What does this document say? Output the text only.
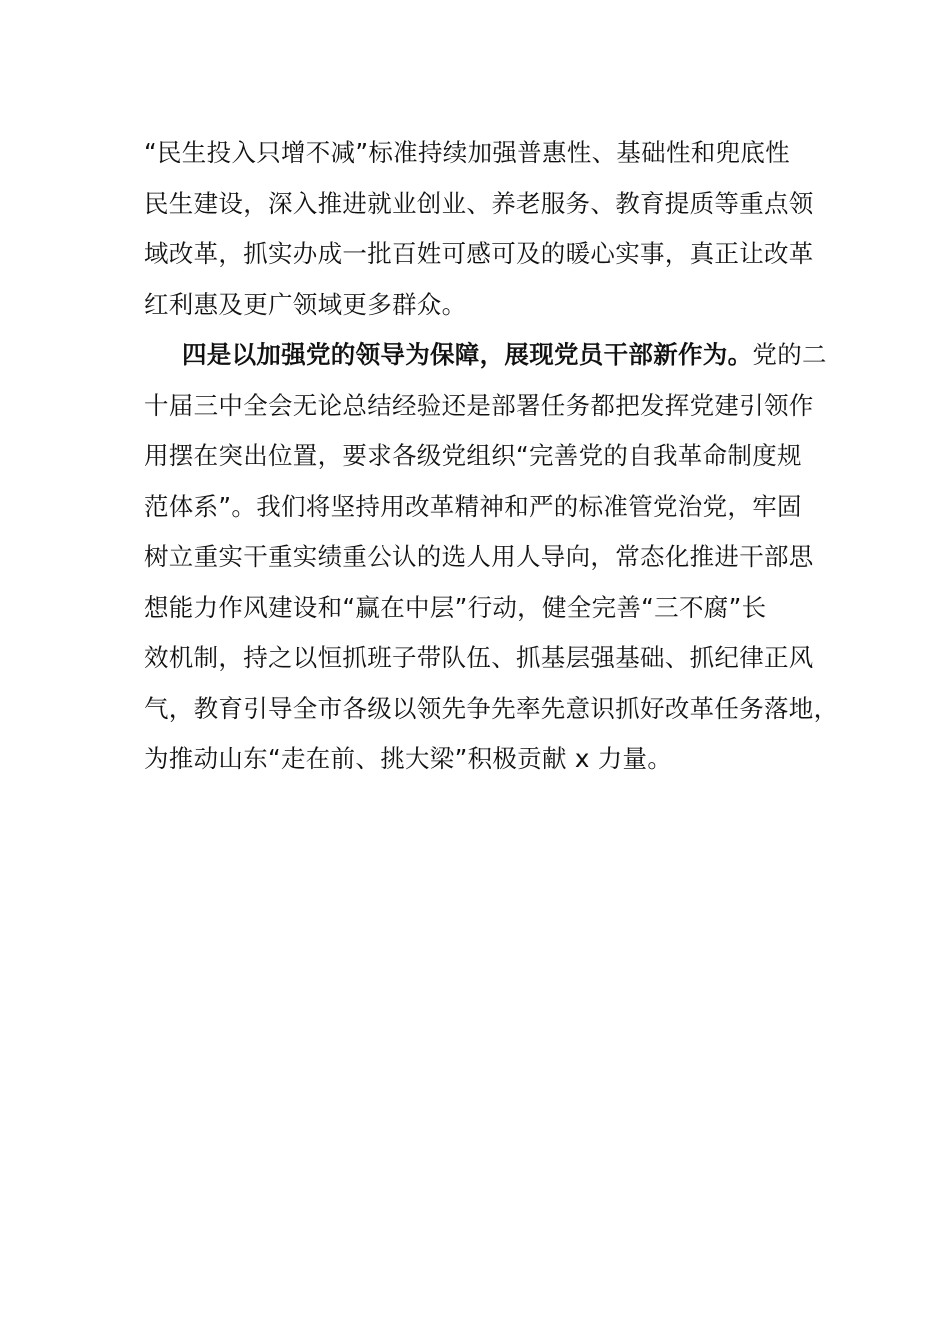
“民生投入只增不减”标准持续加强普惠性、基础性和兜底性
民生建设，深入推进就业创业、养老服务、教育提质等重点领
域改革，抓实办成一批百姓可感可及的暖心实事，真正让改革
红利惠及更广领域更多群众。
四是以加强党的领导为保障，展现党员干部新作为。党的二
十届三中全会无论总结经验还是部署任务都把发挥党建引领作
用摆在突出位置，要求各级党组织“完善党的自我革命制度规
范体系”。我们将坚持用改革精神和严的标准管党治党，牢固
树立重实干重实绩重公认的选人用人导向，常态化推进干部思
想能力作风建设和“赢在中层”行动，健全完善“三不腐”长
效机制，持之以恒抓班子带队伍、抓基层强基础、抓纪律正风
气，教育引导全市各级以领先争先率先意识抓好改革任务落地，
为推动山东“走在前、挑大梁”积极贡献 x 力量。
